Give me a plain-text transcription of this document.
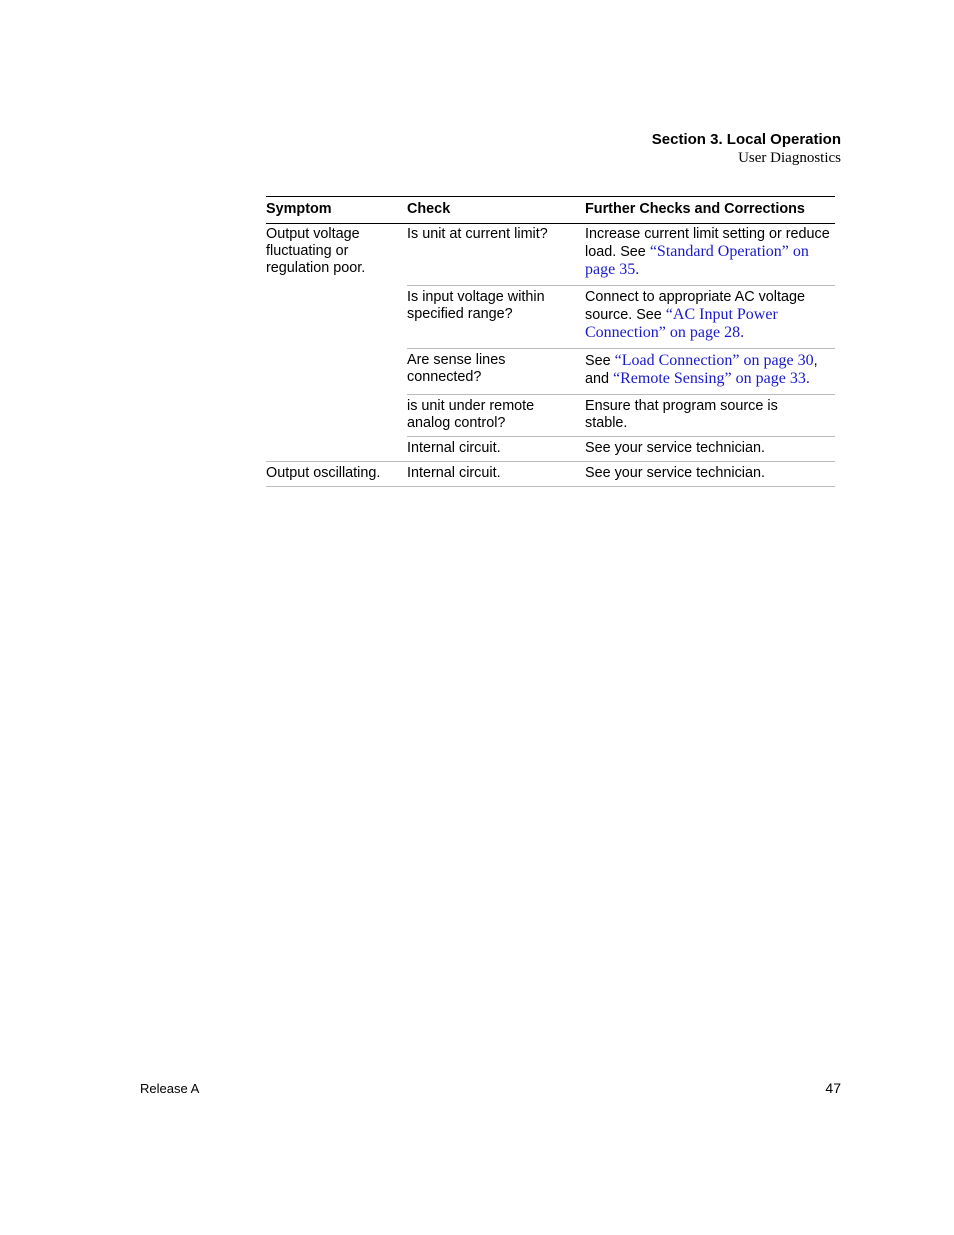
Section 3. Local Operation
User Diagnostics
Symptom	Check	Further Checks and Corrections

Output voltage fluctuating or regulation poor.	Is unit at current limit?	Increase current limit setting or reduce load. See “Standard Operation” on page 35.

	Is input voltage within specified range?	Connect to appropriate AC voltage source. See “AC Input Power Connection” on page 28.

	Are sense lines connected?	See “Load Connection” on page 30, and “Remote Sensing” on page 33.

	is unit under remote analog control?	Ensure that program source is stable.

	Internal circuit.	See your service technician.
Output oscillating.	Internal circuit.	See your service technician.
Release A	47
